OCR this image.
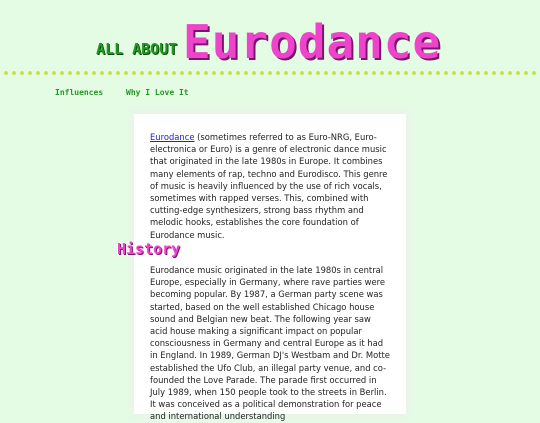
ALL ABOUT Eurodance
Influences	Why I Love It
Eurodance (sometimes referred to as Euro-NRG, Euro-electronica or Euro) is a genre of electronic dance music that originated in the late 1980s in Europe. It combines many elements of rap, techno and Eurodisco. This genre of music is heavily influenced by the use of rich vocals, sometimes with rapped verses. This, combined with cutting-edge synthesizers, strong bass rhythm and melodic hooks, establishes the core foundation of Eurodance music.
Eurodance music originated in the late 1980s in central Europe, especially in Germany, where rave parties were becoming popular. By 1987, a German party scene was started, based on the well established Chicago house sound and Belgian new beat. The following year saw acid house making a significant impact on popular consciousness in Germany and central Europe as it had in England. In 1989, German DJ's Westbam and Dr. Motte established the Ufo Club, an illegal party venue, and co-founded the Love Parade. The parade first occurred in July 1989, when 150 people took to the streets in Berlin. It was conceived as a political demonstration for peace and international understanding
History
